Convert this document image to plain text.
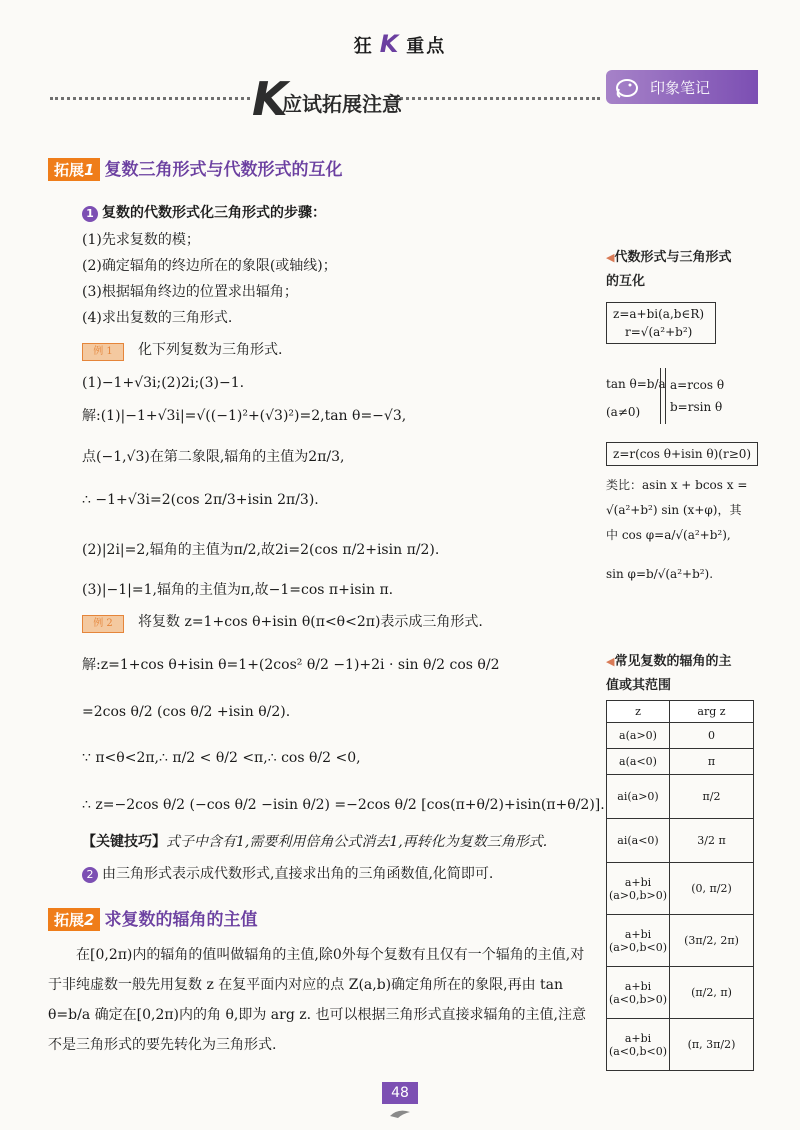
狂 K 重点
K
应试拓展注意
印象笔记
拓展1 复数三角形式与代数形式的互化
1 复数的代数形式化三角形式的步骤：
(1)先求复数的模；
(2)确定辐角的终边所在的象限(或轴线)；
(3)根据辐角终边的位置求出辐角；
(4)求出复数的三角形式.
例 1 化下列复数为三角形式.
(1)−1+√3i;(2)2i;(3)−1.
解:(1)|−1+√3i|=√((−1)²+(√3)²)=2,tan θ=−√3,
点(−1,√3)在第二象限,辐角的主值为2π/3,
∴ −1+√3i=2(cos 2π/3+isin 2π/3).
(2)|2i|=2,辐角的主值为π/2,故2i=2(cos π/2+isin π/2).
(3)|−1|=1,辐角的主值为π,故−1=cos π+isin π.
例 2 将复数 z=1+cos θ+isin θ(π<θ<2π)表示成三角形式.
解:z=1+cos θ+isin θ=1+(2cos² θ/2 −1)+2i · sin θ/2 cos θ/2
=2cos θ/2 (cos θ/2 +isin θ/2).
∵ π<θ<2π,∴ π/2 < θ/2 <π,∴ cos θ/2 <0,
∴ z=−2cos θ/2 (−cos θ/2 −isin θ/2) =−2cos θ/2 [cos(π+θ/2)+isin(π+θ/2)].
【关键技巧】式子中含有1,需要利用倍角公式消去1,再转化为复数三角形式.
2 由三角形式表示成代数形式,直接求出角的三角函数值,化简即可.
拓展2 求复数的辐角的主值
在[0,2π)内的辐角的值叫做辐角的主值,除0外每个复数有且仅有一个辐角的主值,对于非纯虚数一般先用复数 z 在复平面内对应的点 Z(a,b)确定角所在的象限,再由 tan θ=b/a 确定在[0,2π)内的角 θ,即为 arg z. 也可以根据三角形式直接求辐角的主值,注意不是三角形式的要先转化为三角形式.
◀代数形式与三角形式
的互化
z=a+bi(a,b∈R)
r=√(a²+b²)
tan θ=b/a
(a≠0)
a=rcos θ
b=rsin θ
z=r(cos θ+isin θ)(r≥0)
类比：asin x + bcos x =
√(a²+b²) sin (x+φ)，其
中 cos φ=a/√(a²+b²),
sin φ=b/√(a²+b²).
◀常见复数的辐角的主
值或其范围
z	arg z
a(a>0)	0
a(a<0)	π
ai(a>0)	π/2
ai(a<0)	3/2 π
a+bi (a>0,b>0)	(0, π/2)
a+bi (a>0,b<0)	(3π/2, 2π)
a+bi (a<0,b>0)	(π/2, π)
a+bi (a<0,b<0)	(π, 3π/2)
48
